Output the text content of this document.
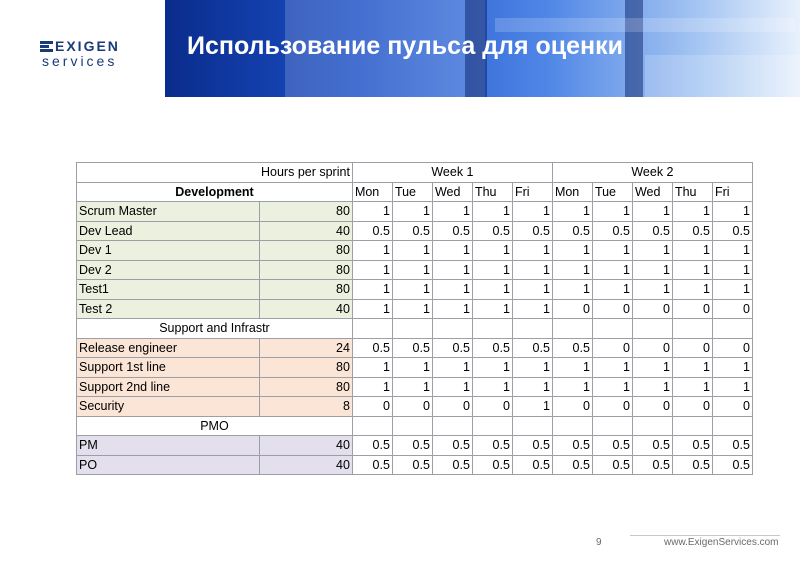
EXIGEN
services
Использование пульса для оценки
	Hours per sprint	Week 1					Week 2				
Development		Mon	Tue	Wed	Thu	Fri	Mon	Tue	Wed	Thu	Fri
Scrum Master	80	1	1	1	1	1	1	1	1	1	1
Dev Lead	40	0.5	0.5	0.5	0.5	0.5	0.5	0.5	0.5	0.5	0.5
Dev 1	80	1	1	1	1	1	1	1	1	1	1
Dev 2	80	1	1	1	1	1	1	1	1	1	1
Test1	80	1	1	1	1	1	1	1	1	1	1
Test 2	40	1	1	1	1	1	0	0	0	0	0
Support and Infrastr											
Release engineer	24	0.5	0.5	0.5	0.5	0.5	0.5	0	0	0	0
Support 1st line	80	1	1	1	1	1	1	1	1	1	1
Support 2nd line	80	1	1	1	1	1	1	1	1	1	1
Security	8	0	0	0	0	1	0	0	0	0	0
PMO											
PM	40	0.5	0.5	0.5	0.5	0.5	0.5	0.5	0.5	0.5	0.5
PO	40	0.5	0.5	0.5	0.5	0.5	0.5	0.5	0.5	0.5	0.5
9	www.ExigenServices.com
